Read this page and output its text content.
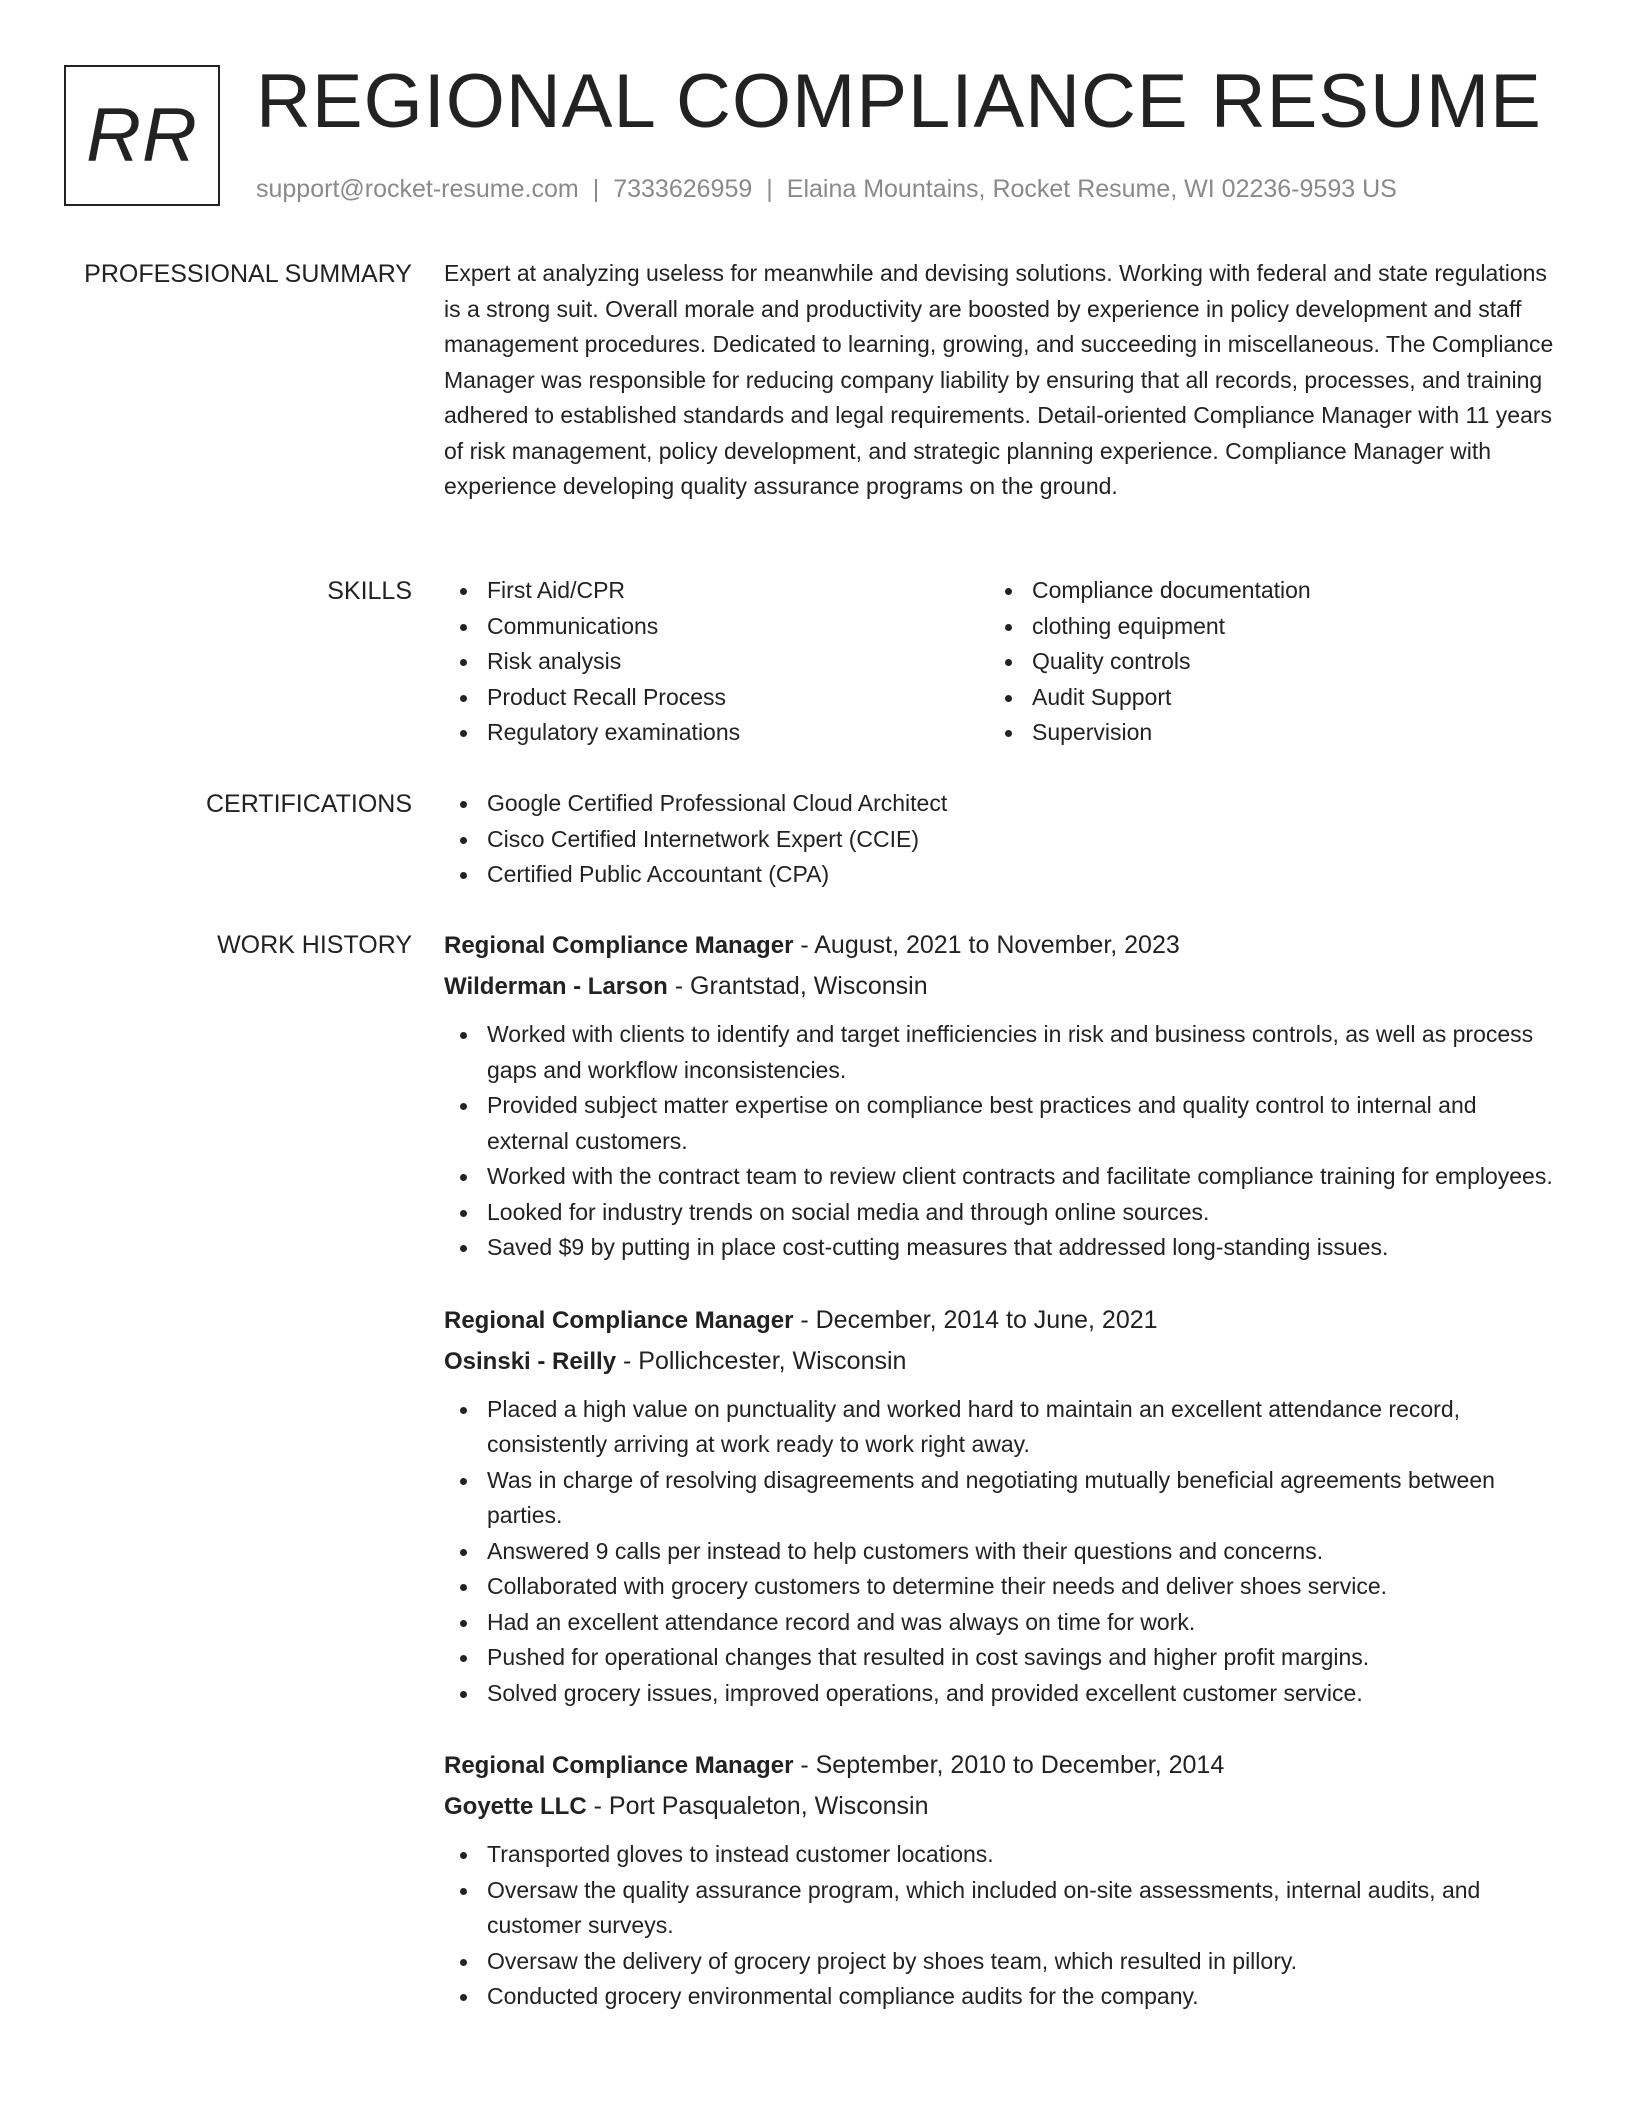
RR REGIONAL COMPLIANCE RESUME
support@rocket-resume.com | 7333626959 | Elaina Mountains, Rocket Resume, WI 02236-9593 US
PROFESSIONAL SUMMARY Expert at analyzing useless for meanwhile and devising solutions. Working with federal and state regulations is a strong suit. Overall morale and productivity are boosted by experience in policy development and staff management procedures. Dedicated to learning, growing, and succeeding in miscellaneous. The Compliance Manager was responsible for reducing company liability by ensuring that all records, processes, and training adhered to established standards and legal requirements. Detail-oriented Compliance Manager with 11 years of risk management, policy development, and strategic planning experience. Compliance Manager with experience developing quality assurance programs on the ground.

SKILLS	First Aid/CPR
Communications
Risk analysis
Product Recall Process
Regulatory examinations
Compliance documentation
clothing equipment
Quality controls
Audit Support
Supervision
CERTIFICATIONS	Google Certified Professional Cloud Architect
Cisco Certified Internetwork Expert (CCIE)
Certified Public Accountant (CPA)
WORK HISTORY Regional Compliance Manager - August, 2021 to November, 2023
Wilderman - Larson - Grantstad, Wisconsin
Worked with clients to identify and target inefficiencies in risk and business controls, as well as process gaps and workflow inconsistencies.
Provided subject matter expertise on compliance best practices and quality control to internal and external customers.
Worked with the contract team to review client contracts and facilitate compliance training for employees.
Looked for industry trends on social media and through online sources.
Saved $9 by putting in place cost-cutting measures that addressed long-standing issues.
Regional Compliance Manager - December, 2014 to June, 2021
Osinski - Reilly - Pollichcester, Wisconsin
Placed a high value on punctuality and worked hard to maintain an excellent attendance record, consistently arriving at work ready to work right away.
Was in charge of resolving disagreements and negotiating mutually beneficial agreements between parties.
Answered 9 calls per instead to help customers with their questions and concerns.
Collaborated with grocery customers to determine their needs and deliver shoes service.
Had an excellent attendance record and was always on time for work.
Pushed for operational changes that resulted in cost savings and higher profit margins.
Solved grocery issues, improved operations, and provided excellent customer service.
Regional Compliance Manager - September, 2010 to December, 2014
Goyette LLC - Port Pasqualeton, Wisconsin
Transported gloves to instead customer locations.
Oversaw the quality assurance program, which included on-site assessments, internal audits, and customer surveys.
Oversaw the delivery of grocery project by shoes team, which resulted in pillory.
Conducted grocery environmental compliance audits for the company.
